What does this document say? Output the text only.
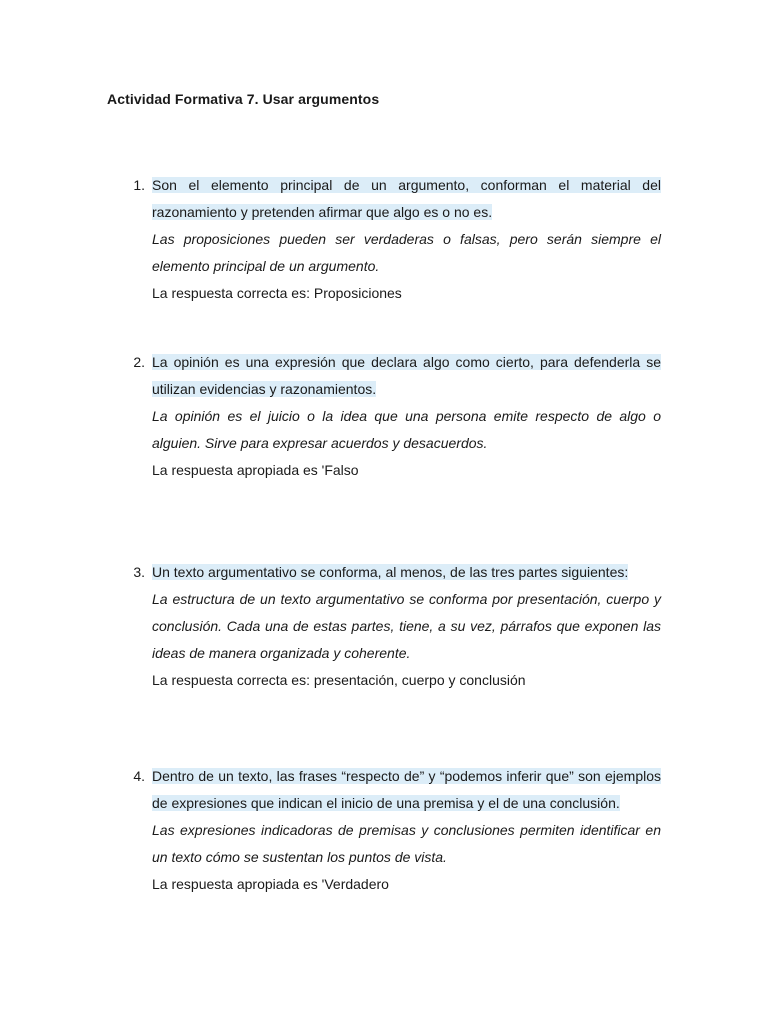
Actividad Formativa 7. Usar argumentos
1. Son el elemento principal de un argumento, conforman el material del razonamiento y pretenden afirmar que algo es o no es.
Las proposiciones pueden ser verdaderas o falsas, pero serán siempre el elemento principal de un argumento.
La respuesta correcta es: Proposiciones
2. La opinión es una expresión que declara algo como cierto, para defenderla se utilizan evidencias y razonamientos.
La opinión es el juicio o la idea que una persona emite respecto de algo o alguien. Sirve para expresar acuerdos y desacuerdos.
La respuesta apropiada es 'Falso
3. Un texto argumentativo se conforma, al menos, de las tres partes siguientes:
La estructura de un texto argumentativo se conforma por presentación, cuerpo y conclusión. Cada una de estas partes, tiene, a su vez, párrafos que exponen las ideas de manera organizada y coherente.
La respuesta correcta es: presentación, cuerpo y conclusión
4. Dentro de un texto, las frases “respecto de” y “podemos inferir que” son ejemplos de expresiones que indican el inicio de una premisa y el de una conclusión.
Las expresiones indicadoras de premisas y conclusiones permiten identificar en un texto cómo se sustentan los puntos de vista.
La respuesta apropiada es 'Verdadero
